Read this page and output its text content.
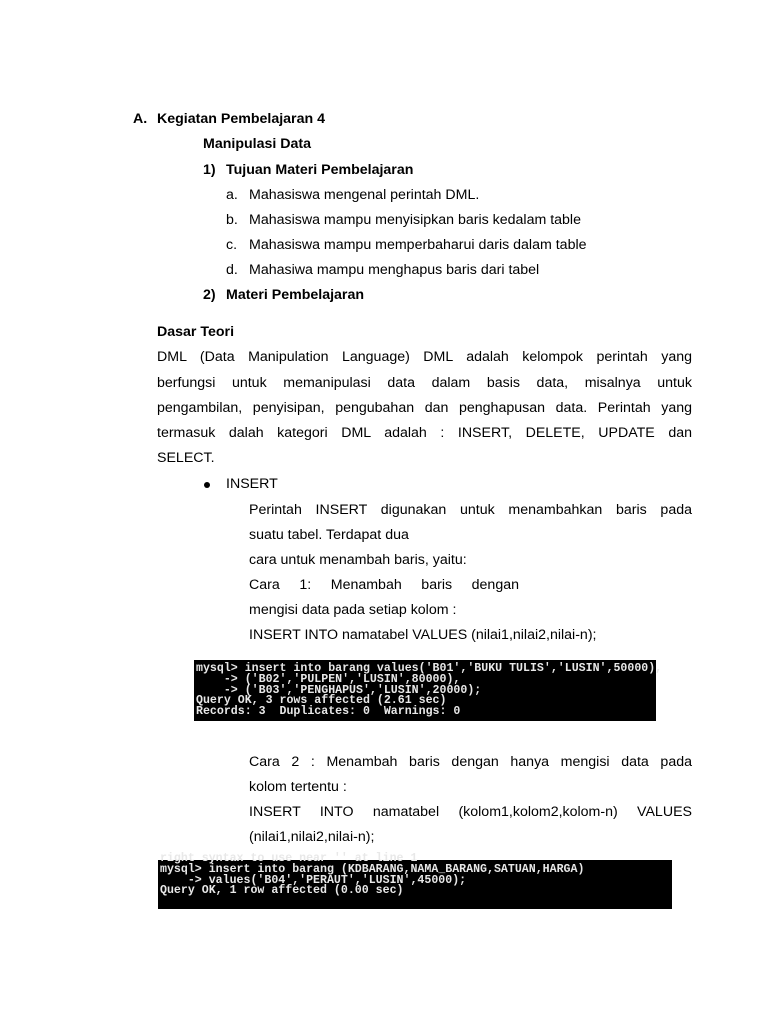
A. Kegiatan Pembelajaran 4
Manipulasi Data
1) Tujuan Materi Pembelajaran
a. Mahasiswa mengenal perintah DML.
b. Mahasiswa mampu menyisipkan baris kedalam table
c. Mahasiswa mampu memperbaharui daris dalam table
d. Mahasiwa mampu menghapus baris dari tabel
2) Materi Pembelajaran
Dasar Teori
DML (Data Manipulation Language) DML adalah kelompok perintah yang
berfungsi untuk memanipulasi data dalam basis data, misalnya untuk
pengambilan, penyisipan, pengubahan dan penghapusan data. Perintah yang
termasuk dalah kategori DML adalah : INSERT, DELETE, UPDATE dan
SELECT.
INSERT
Perintah INSERT digunakan untuk menambahkan baris pada
suatu tabel. Terdapat dua
cara untuk menambah baris, yaitu:
Cara 1: Menambah baris dengan
mengisi data pada setiap kolom :
INSERT INTO namatabel VALUES (nilai1,nilai2,nilai-n);
mysql> insert into barang values('B01','BUKU TULIS','LUSIN',50000),
-> ('B02','PULPEN','LUSIN',80000),
-> ('B03','PENGHAPUS','LUSIN',20000);
Query OK, 3 rows affected (2.61 sec)
Records: 3  Duplicates: 0  Warnings: 0
Cara 2 : Menambah baris dengan hanya mengisi data pada
kolom tertentu :
INSERT INTO namatabel (kolom1,kolom2,kolom-n) VALUES
(nilai1,nilai2,nilai-n);
right syntax to use near '' at line 1
mysql> insert into barang (KDBARANG,NAMA_BARANG,SATUAN,HARGA)
-> values('B04','PERAUT','LUSIN',45000);
Query OK, 1 row affected (0.00 sec)
